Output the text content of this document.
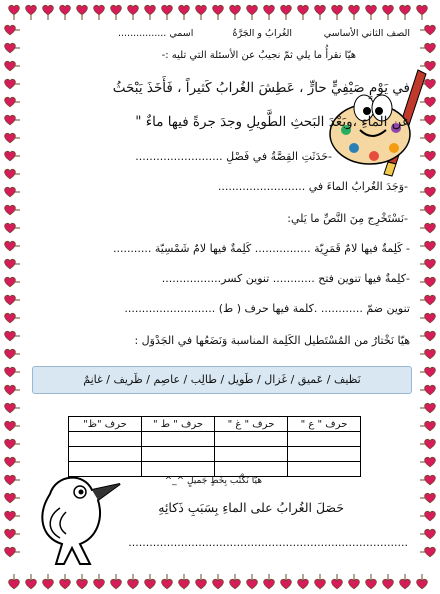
الصف الثاني الأساسي
الغُرابُ و الجَرَّةُ
اسمي ................
هيّا نقرأُ ما يلي ثمّ نجيبُ عن الأسئلة التي تليه :-
في يَوْمٍ صَيْفِيٍّ حارٍّ ، عَطِشَ الغُرابُ كَثيراً ، فَأَخَذَ يَبْحَثُ
عن الماءِ ،وبَعْدَ البَحثِ الطَّويلِ وجدَ جرةً فيها ماءٌ "
-حَدَثَتِ القِصَّةُ في فَصْلِ .........................
-وَجَدَ الغُرابُ الماءَ في .........................
-نَسْتَخْرِج مِنَ النَّصِّ ما يَلي:
- كَلِمةٌ فيها لامٌ قَمَرِيّة ................ كَلِمةٌ فيها لامٌ شَمْسِيّة ...........
-كلِمةٌ فيها تنوين فتح ............ تنوين كسر.................
تنوين ضمّ ............ .كلمة فيها حرف ( ط) ..........................
هيّا نَخْتارُ من المُسْتَطيل الكَلِمة المناسبة وَنَضَعُها في الجَدْوَل :
نَظيف / عَميق / غَزال / طَويل / طالِب / عاصِم / ظَريف / غانِمٌ
حرف " ع "	حرف " غ "	حرف " ط "	حرف "ظ"

هيّا نَكْتُب بِخَطٍ جَميلٍ ^_^
حَصَلَ الغُرابُ على الماءِ بِسَبَبِ ذَكائِهِ
................................................................................
